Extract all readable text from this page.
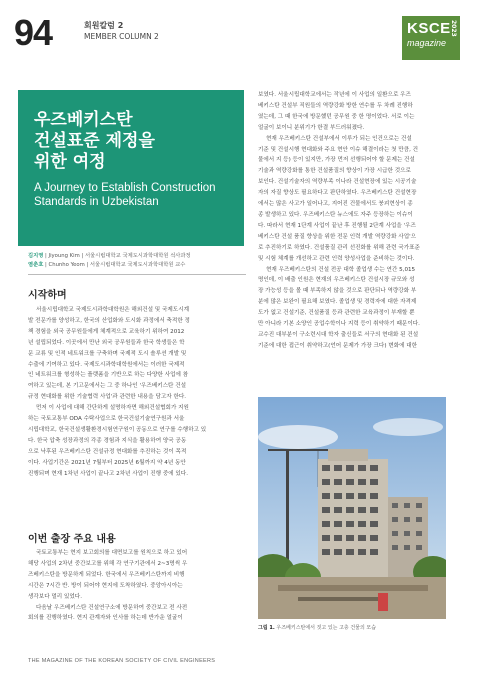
94	회원칼럼 2
MEMBER COLUMN 2	KSCE
magazine
2023
우즈베키스탄
건설표준 제정을
위한 여정
A Journey to Establish Construction
Standards in Uzbekistan
김지영 | Jiyoung Kim | 서울시립대학교 국제도시과학대학원 석사과정
염춘호 | Chunho Yeom | 서울시립대학교 국제도시과학대학원 교수
시작하며

서울시립대학교 국제도시과학대학원은 해외건설 및 국제도시계

발 전문가를 양성하고, 한국의 산업화와 도시화 과정에서 축적한 정

책 경험을 외국 공무원들에게 체계적으로 교육하기 위하여 2012

년 설립되었다. 이곳에서 만난 외국 공무원들과 한국 학생들은 학

문 교류 및 인적 네트워크를 구축하며 국제적 도시 솔루션 개발 및

수출에 기여하고 있다. 국제도시과학대학원에서는 이러한 국제적

인 네트워크를 형성하는 플랫폼을 기반으로 하는 다양한 사업에 참

여하고 있는데, 본 기고문에서는 그 중 하나인 '우즈베키스탄 건설

규정 현대화를 위한 기술협력 사업'과 관련한 내용을 담고자 한다.

먼저 이 사업에 대해 간단하게 설명하자면 해외건설협회가 지원

하는 국토교통부 ODA 수탁사업으로 한국건설기술연구원과 서울

시립대학교, 한국건설생활환경시험연구원이 공동으로 연구를 수행하고 있

다. 한국 압축 성장과정의 각종 경험과 지식을 활용하여 양국 공동

으로 낙후된 우즈베키스탄 건설규정 현대화를 추진하는 것이 목적

이다. 사업기간은 2021년 7월부터 2025년 6월까지 약 4년 동안

진행되며 현재 1차년 사업이 끝나고 2차년 사업이 진행 중에 있다.

이번 출장 주요 내용

국토교통부는 현지 보고회의를 대면보고를 원칙으로 하고 있어

해당 사업의 2차년 중간보고를 위해 각 연구기관에서 2~3명씩 우

즈베키스탄을 방문하게 되었다. 한국에서 우즈베키스탄까지 비행

시간은 7시간 반. 방이 되어야 현지에 도착하였다. 중앙아시아는

생각보다 멀리 있었다.

다음날 우즈베키스탄 건설연구소에 방문하여 중간보고 전 사전

회의를 진행하였다. 현지 관계자와 인사를 하는데 반가운 얼굴이

보였다. 서울시립대학교에서는 작년에 이 사업의 일환으로 우즈

베키스탄 건설부 직원들의 역량강화 방한 연수를 두 차례 진행하

였는데, 그 때 한국에 방문했던 공무원 중 한 명이었다. 서로 이는

얼굴이 보이니 분위기가 한결 부드러워졌다.

현재 우즈베키스탄 건설부에서 이루가 되는 인건으로는 건설

기준 및 건설시행 현대화와 주요 현안 이슈 해결이라는 첫 만큼, 건

물에서 지 등) 등이 있지만, 가장 먼저 선행되어야 할 문제는 건설

기술과 역량강화를 통한 건설품질의 향상이 가장 시급한 것으로

보인다. 건설기술자의 역량부족 이나라 건설현장에 있는 시공기술

자의 자질 향상도 필요하다고 판단하였다. 우즈베키스탄 건설현장

에서는 많은 사고가 일어나고, 지어진 건물에서도 붕괴현상이 종

종 발생하고 있다. 우즈베키스탄 뉴스에도 자주 등장하는 이슈이

다. 따라서 현재 1단계 사업이 끝난 후 진행될 2단계 사업을 '우즈

베키스탄 건설 품질 향상을 위한 전문 인력 개발 역량강화 사업'으

로 추진하기로 하였다. 건설품질 관리 선진화를 위해 관련 국가표준

및 시험 체계를 개선하고 관련 인력 양성사업을 준비하는 것이다.

현재 우즈베키스탄의 건설 전공 대학 졸업생 수는 연간 5,015

명인데, 이 배출 인원은 현재의 우즈베키스탄 건설시장 규모와 성

장 가능성 등을 볼 때 부족하지 않을 것으로 판단되나 역량강화 부

분에 많은 보완이 필요해 보였다. 졸업생 및 경력자에 대한 자격제

도가 없고 건설기준, 건설품질 등과 관련한 교육과정이 부재할 뿐

만 아니라 기본 소양인 공업수학이나 지력 등이 취약하기 때문이다.

교수진 대부분이 구소련시대 학자 출신들로 서구의 현대화 된 건설

기준에 대한 접근이 취약하고(언어 문제가 가장 크다) 변화에 대한

그림 1. 우즈베키스탄에서 짓고 있는 고층 건물의 모습
THE MAGAZINE OF THE KOREAN SOCIETY OF CIVIL ENGINEERS
